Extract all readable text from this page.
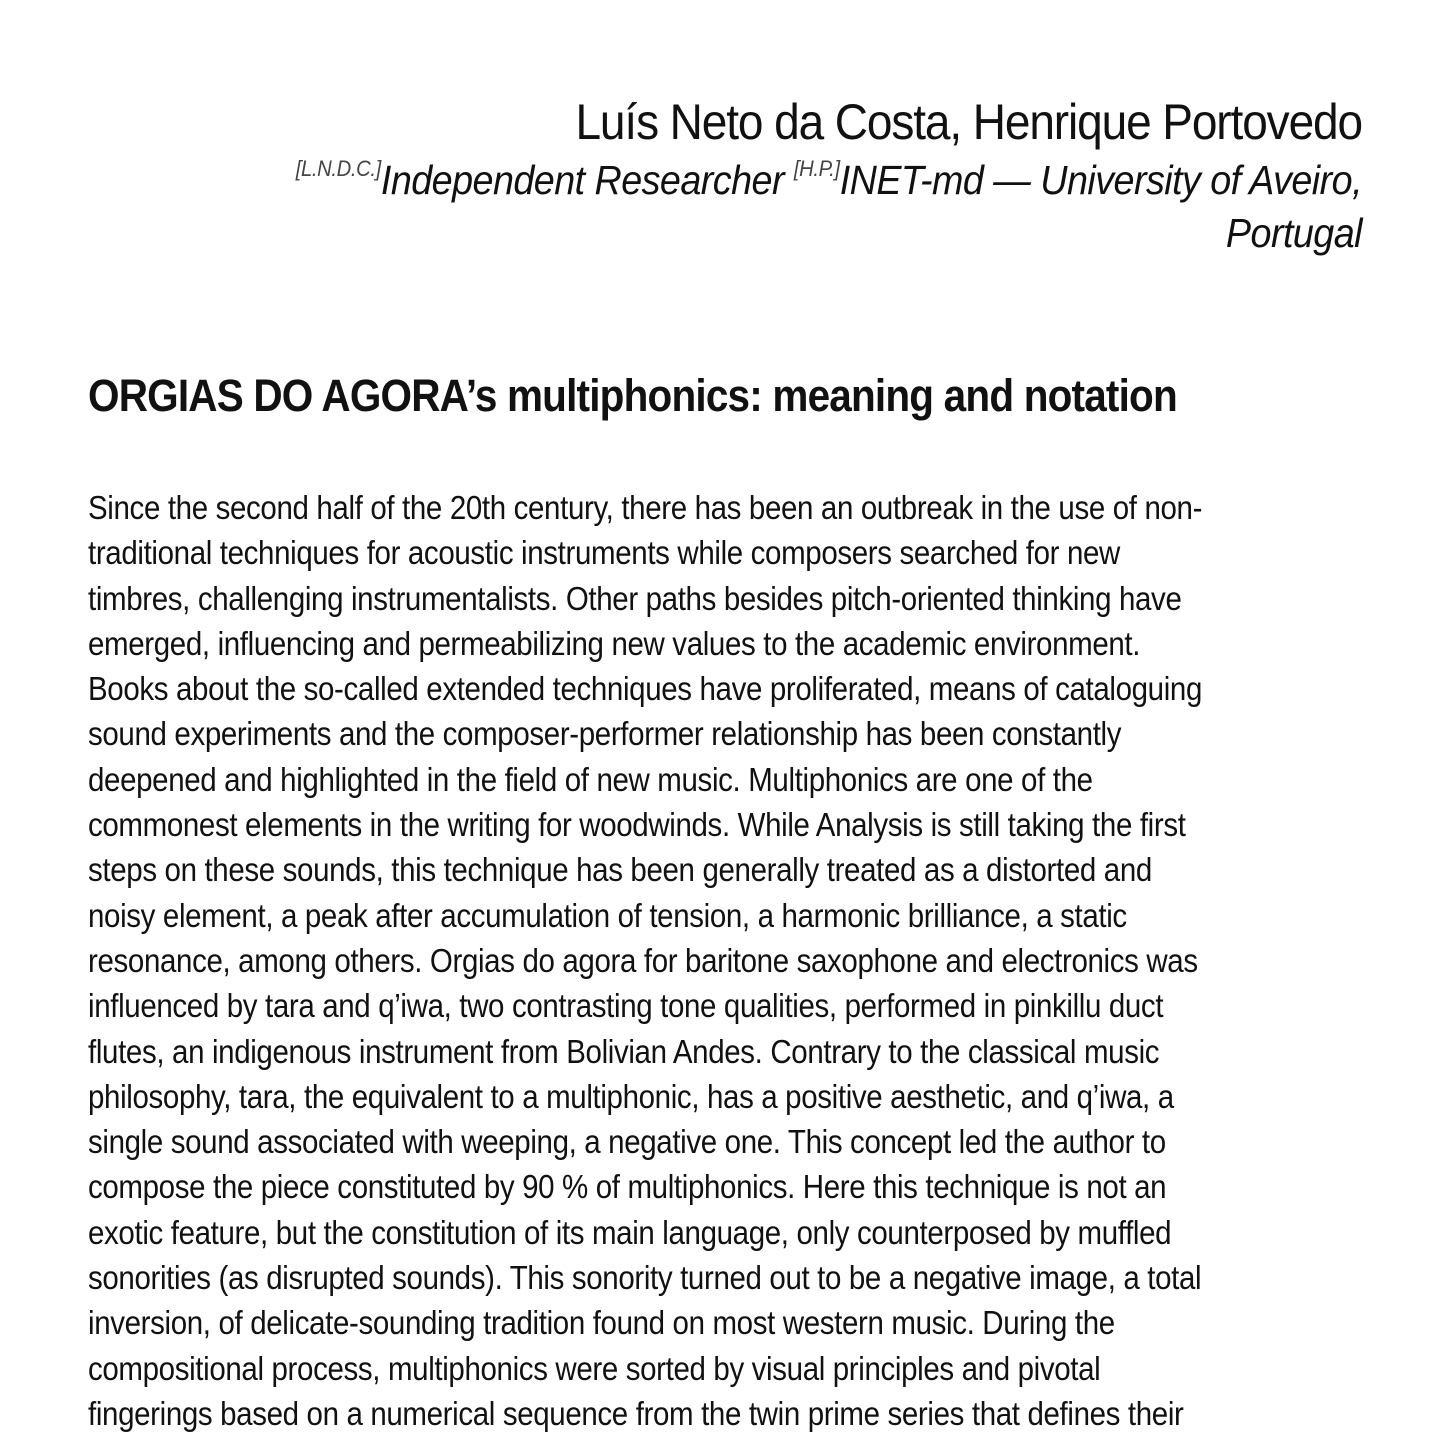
Luís Neto da Costa, Henrique Portovedo
[L.N.D.C.]Independent Researcher [H.P.]INET-md — University of Aveiro,
Portugal
ORGIAS DO AGORA’s multiphonics: meaning and notation
Since the second half of the 20th century, there has been an outbreak in the use of non-
traditional techniques for acoustic instruments while composers searched for new
timbres, challenging instrumentalists. Other paths besides pitch-oriented thinking have
emerged, influencing and permeabilizing new values to the academic environment.
Books about the so-called extended techniques have proliferated, means of cataloguing
sound experiments and the composer-performer relationship has been constantly
deepened and highlighted in the field of new music. Multiphonics are one of the
commonest elements in the writing for woodwinds. While Analysis is still taking the first
steps on these sounds, this technique has been generally treated as a distorted and
noisy element, a peak after accumulation of tension, a harmonic brilliance, a static
resonance, among others. Orgias do agora for baritone saxophone and electronics was
influenced by tara and q’iwa, two contrasting tone qualities, performed in pinkillu duct
flutes, an indigenous instrument from Bolivian Andes. Contrary to the classical music
philosophy, tara, the equivalent to a multiphonic, has a positive aesthetic, and q’iwa, a
single sound associated with weeping, a negative one. This concept led the author to
compose the piece constituted by 90 % of multiphonics. Here this technique is not an
exotic feature, but the constitution of its main language, only counterposed by muffled
sonorities (as disrupted sounds). This sonority turned out to be a negative image, a total
inversion, of delicate-sounding tradition found on most western music. During the
compositional process, multiphonics were sorted by visual principles and pivotal
fingerings based on a numerical sequence from the twin prime series that defines their
